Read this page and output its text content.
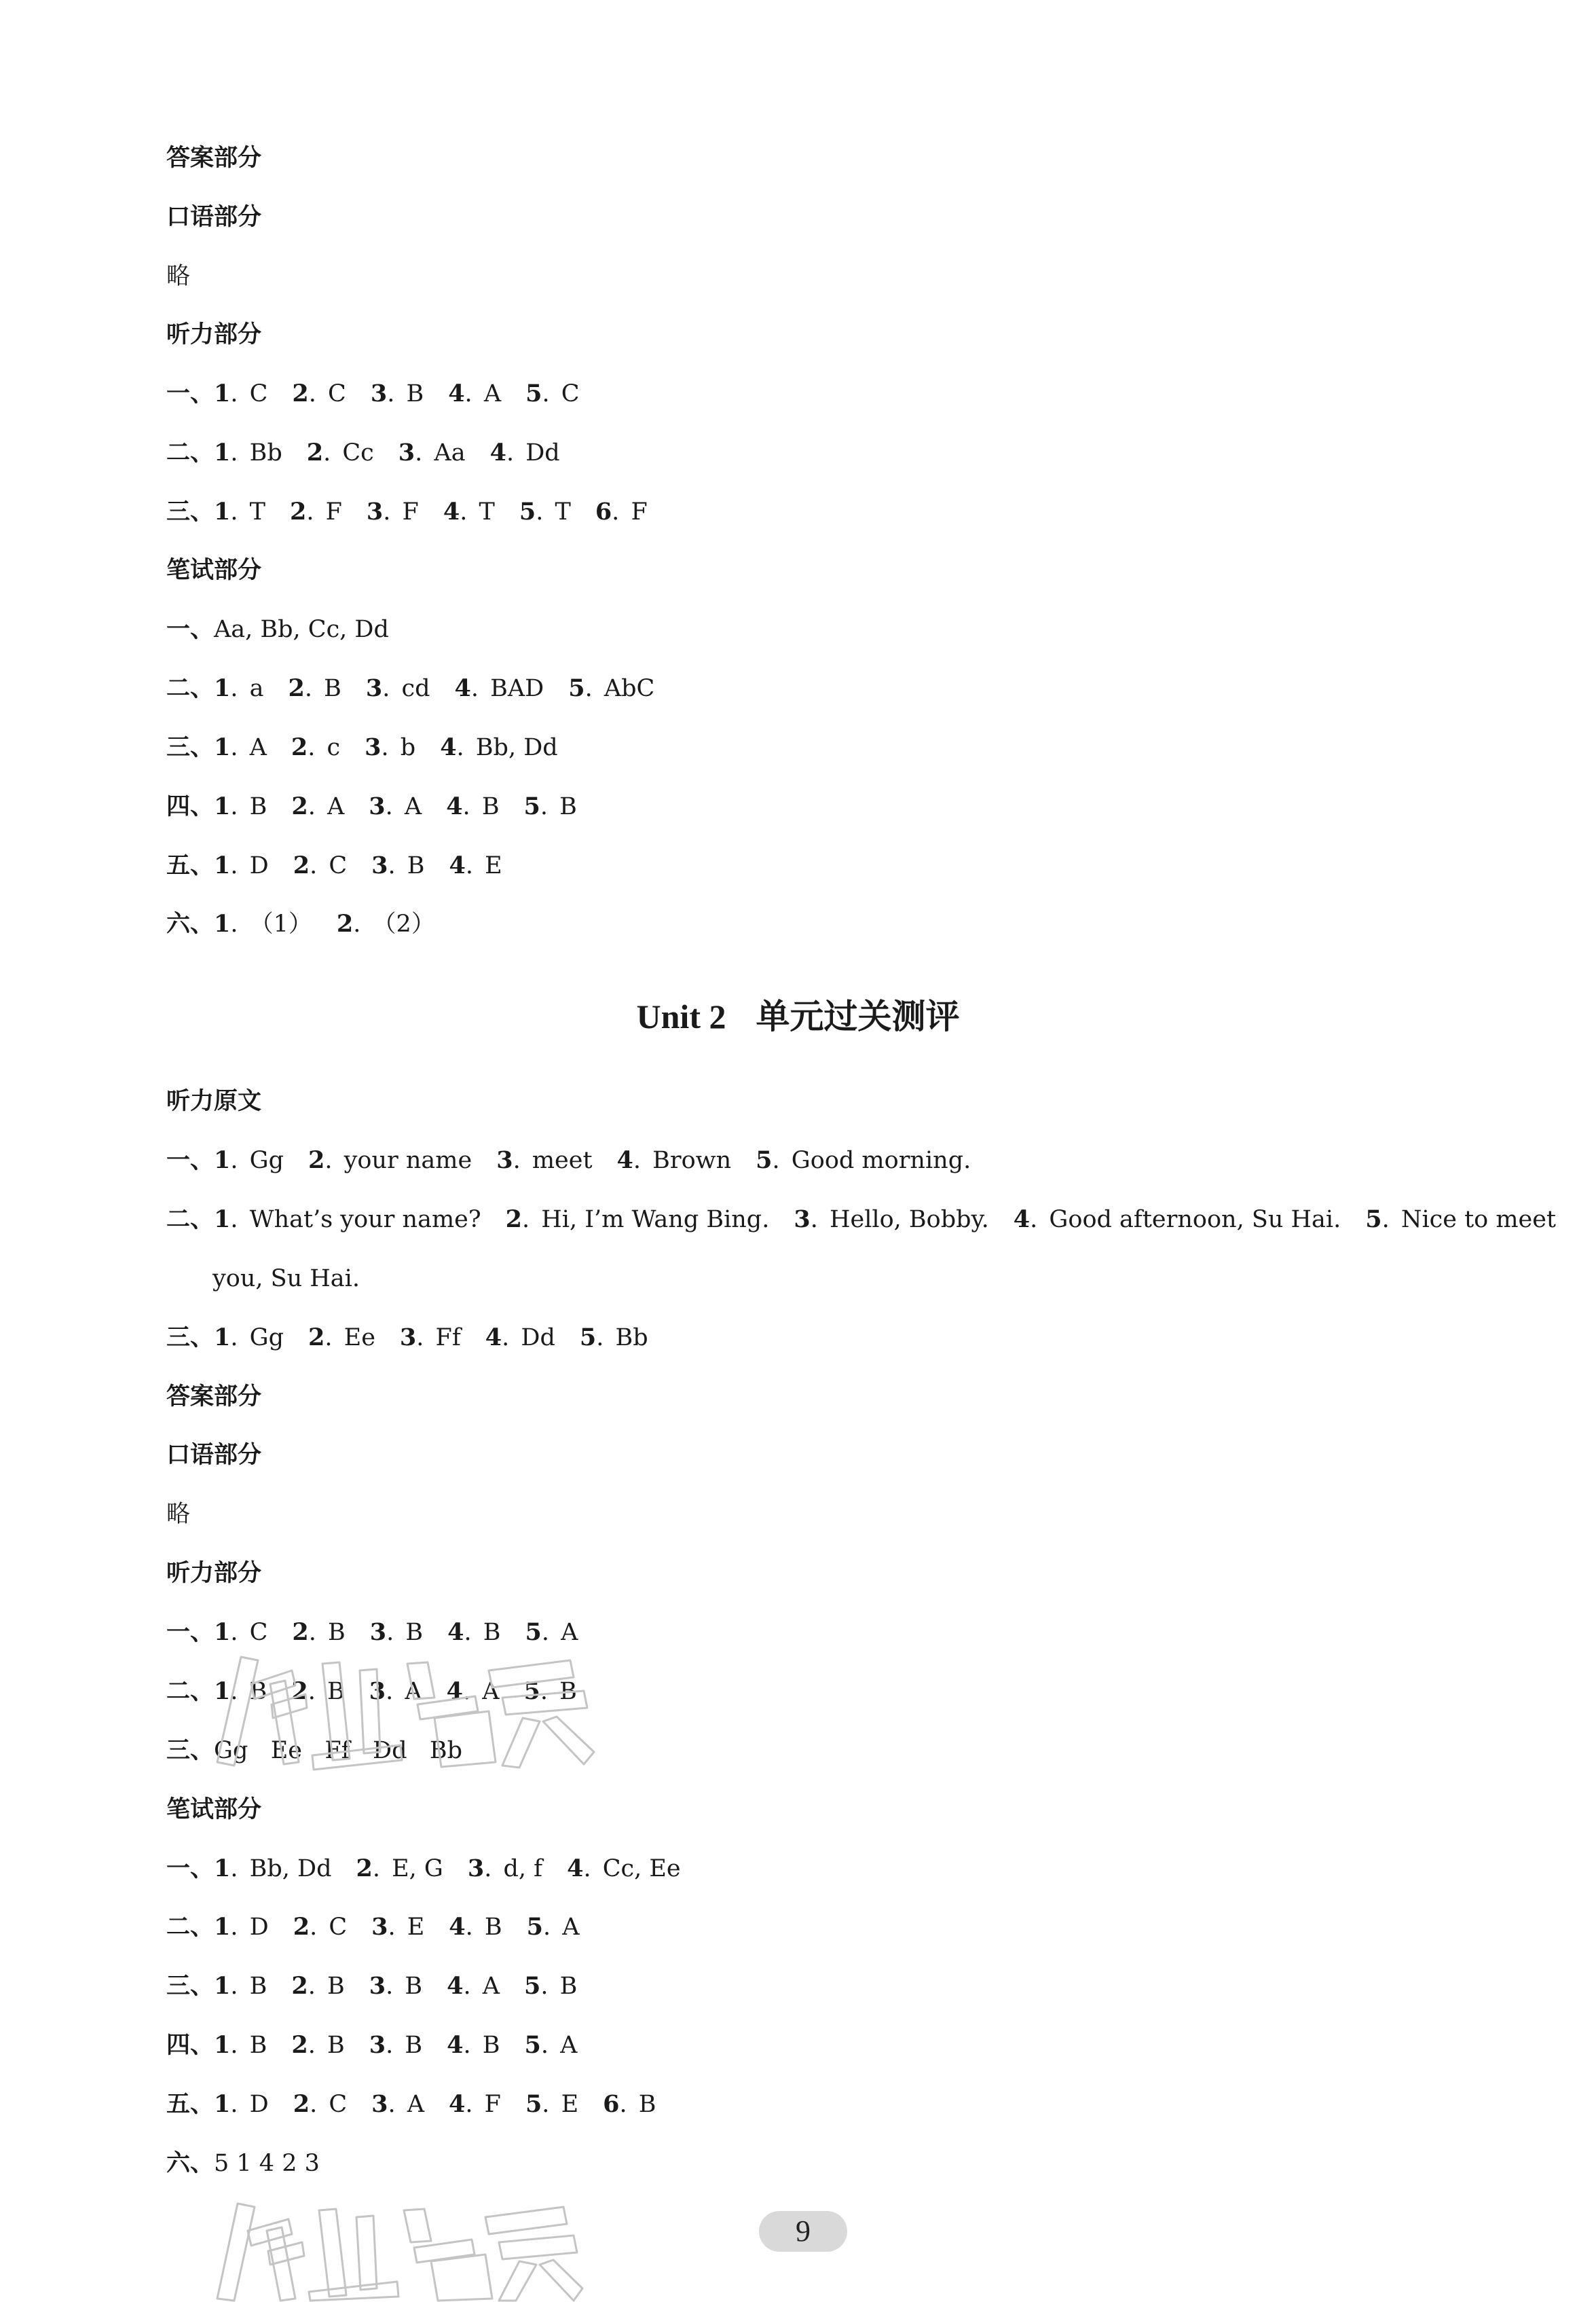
答案部分
口语部分
略
听力部分
一、1. C 2. C 3. B 4. A 5. C
二、1. Bb 2. Cc 3. Aa 4. Dd
三、1. T 2. F 3. F 4. T 5. T 6. F
笔试部分
一、Aa, Bb, Cc, Dd
二、1. a 2. B 3. cd 4. BAD 5. AbC
三、1. A 2. c 3. b 4. Bb, Dd
四、1. B 2. A 3. A 4. B 5. B
五、1. D 2. C 3. B 4. E
六、1. （1） 2. （2）
Unit 2 单元过关测评
听力原文
一、1. Gg 2. your name 3. meet 4. Brown 5. Good morning.
二、1. What’s your name? 2. Hi, I’m Wang Bing. 3. Hello, Bobby. 4. Good afternoon, Su Hai. 5. Nice to meet
you, Su Hai.
三、1. Gg 2. Ee 3. Ff 4. Dd 5. Bb
答案部分
口语部分
略
听力部分
一、1. C 2. B 3. B 4. B 5. A
二、1. B 2. B 3. A 4. A 5. B
三、Gg   Ee   Ff   Dd   Bb
笔试部分
一、1. Bb, Dd 2. E, G 3. d, f 4. Cc, Ee
二、1. D 2. C 3. E 4. B 5. A
三、1. B 2. B 3. B 4. A 5. B
四、1. B 2. B 3. B 4. B 5. A
五、1. D 2. C 3. A 4. F 5. E 6. B
六、5 1 4 2 3
9
